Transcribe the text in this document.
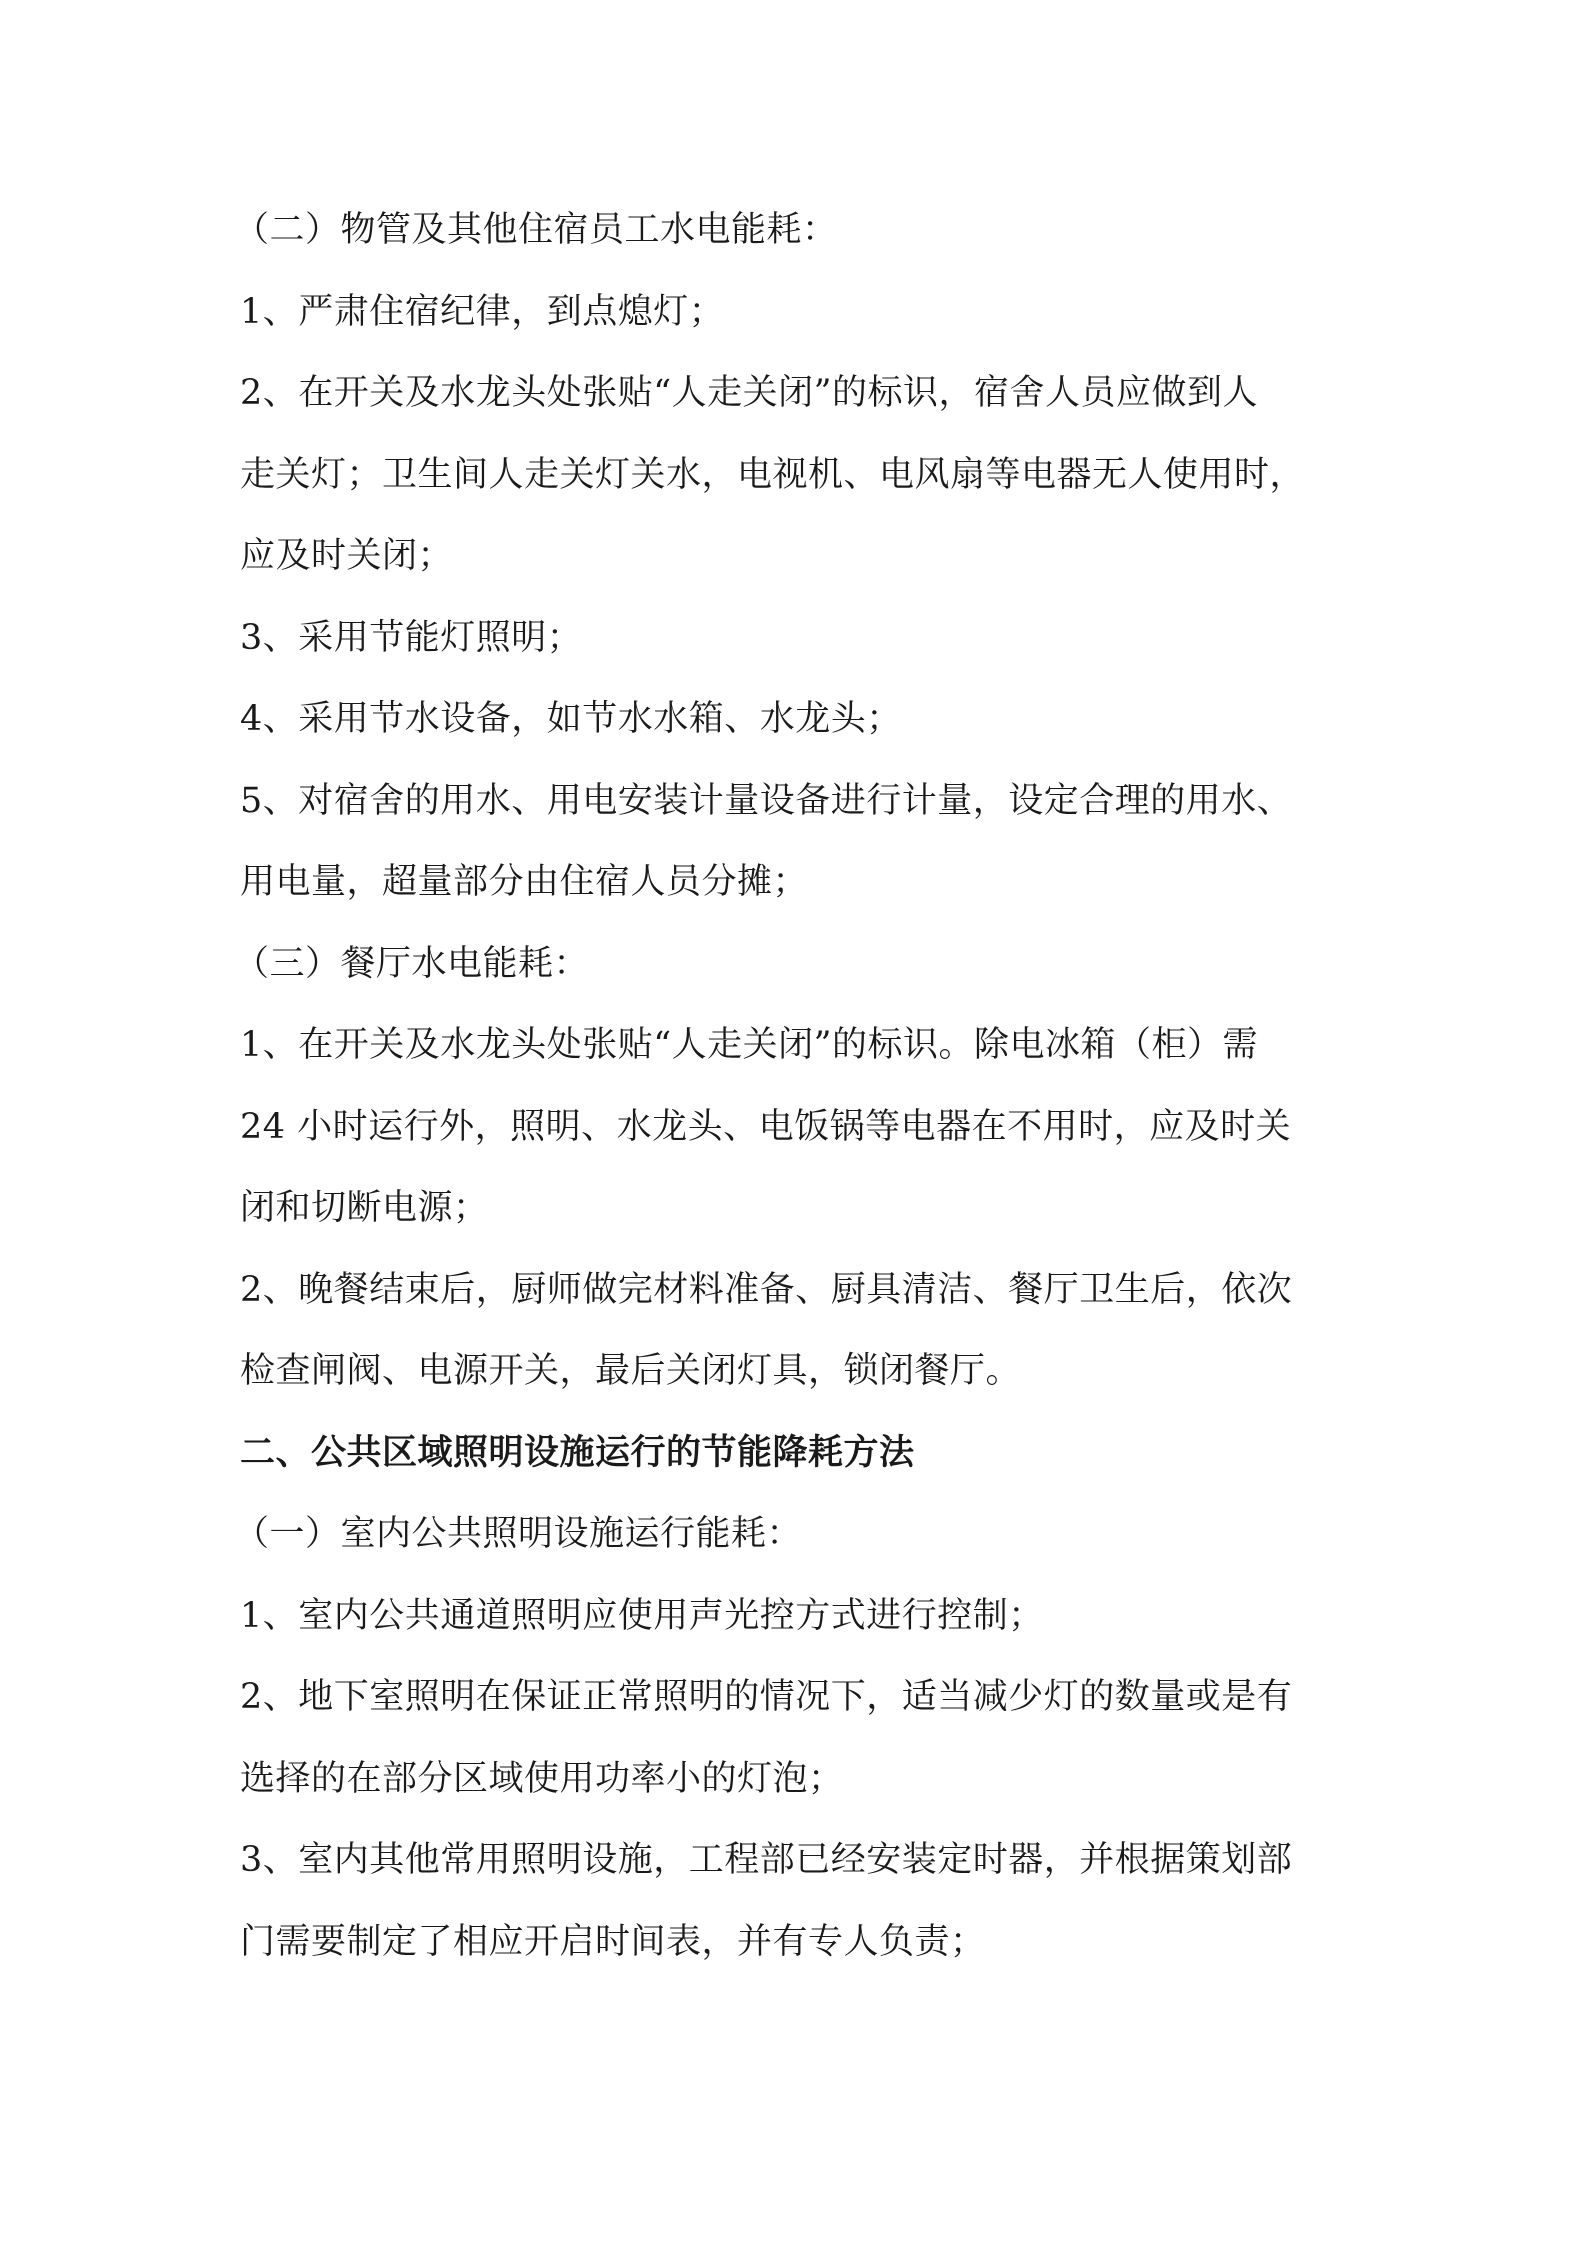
（二）物管及其他住宿员工水电能耗：
1、严肃住宿纪律，到点熄灯；
2、在开关及水龙头处张贴“人走关闭”的标识，宿舍人员应做到人
走关灯；卫生间人走关灯关水，电视机、电风扇等电器无人使用时，
应及时关闭；
3、采用节能灯照明；
4、采用节水设备，如节水水箱、水龙头；
5、对宿舍的用水、用电安装计量设备进行计量，设定合理的用水、
用电量，超量部分由住宿人员分摊；
（三）餐厅水电能耗：
1、在开关及水龙头处张贴“人走关闭”的标识。除电冰箱（柜）需
24 小时运行外，照明、水龙头、电饭锅等电器在不用时，应及时关
闭和切断电源；
2、晚餐结束后，厨师做完材料准备、厨具清洁、餐厅卫生后，依次
检查闸阀、电源开关，最后关闭灯具，锁闭餐厅。
二、公共区域照明设施运行的节能降耗方法
（一）室内公共照明设施运行能耗：
1、室内公共通道照明应使用声光控方式进行控制；
2、地下室照明在保证正常照明的情况下，适当减少灯的数量或是有
选择的在部分区域使用功率小的灯泡；
3、室内其他常用照明设施，工程部已经安装定时器，并根据策划部
门需要制定了相应开启时间表，并有专人负责；
